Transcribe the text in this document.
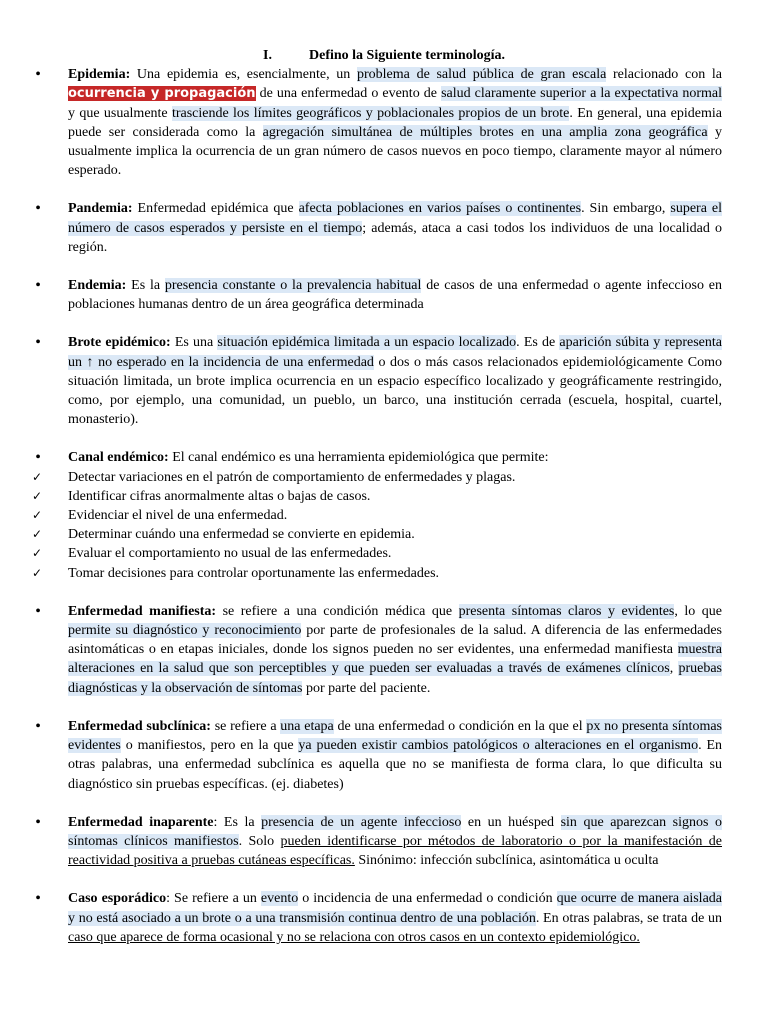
I.	Defino la Siguiente terminología.
• Epidemia: Una epidemia es, esencialmente, un problema de salud pública de gran escala relacionado con la ocurrencia y propagación de una enfermedad o evento de salud claramente superior a la expectativa normal y que usualmente trasciende los límites geográficos y poblacionales propios de un brote. En general, una epidemia puede ser considerada como la agregación simultánea de múltiples brotes en una amplia zona geográfica y usualmente implica la ocurrencia de un gran número de casos nuevos en poco tiempo, claramente mayor al número esperado.
• Pandemia: Enfermedad epidémica que afecta poblaciones en varios países o continentes. Sin embargo, supera el número de casos esperados y persiste en el tiempo; además, ataca a casi todos los individuos de una localidad o región.
• Endemia: Es la presencia constante o la prevalencia habitual de casos de una enfermedad o agente infeccioso en poblaciones humanas dentro de un área geográfica determinada
• Brote epidémico: Es una situación epidémica limitada a un espacio localizado. Es de aparición súbita y representa un ↑ no esperado en la incidencia de una enfermedad o dos o más casos relacionados epidemiológicamente Como situación limitada, un brote implica ocurrencia en un espacio específico localizado y geográficamente restringido, como, por ejemplo, una comunidad, un pueblo, un barco, una institución cerrada (escuela, hospital, cuartel, monasterio).
• Canal endémico: El canal endémico es una herramienta epidemiológica que permite:
✓ Detectar variaciones en el patrón de comportamiento de enfermedades y plagas.
✓ Identificar cifras anormalmente altas o bajas de casos.
✓ Evidenciar el nivel de una enfermedad.
✓ Determinar cuándo una enfermedad se convierte en epidemia.
✓ Evaluar el comportamiento no usual de las enfermedades.
✓ Tomar decisiones para controlar oportunamente las enfermedades.
• Enfermedad manifiesta: se refiere a una condición médica que presenta síntomas claros y evidentes, lo que permite su diagnóstico y reconocimiento por parte de profesionales de la salud. A diferencia de las enfermedades asintomáticas o en etapas iniciales, donde los signos pueden no ser evidentes, una enfermedad manifiesta muestra alteraciones en la salud que son perceptibles y que pueden ser evaluadas a través de exámenes clínicos, pruebas diagnósticas y la observación de síntomas por parte del paciente.
• Enfermedad subclínica: se refiere a una etapa de una enfermedad o condición en la que el px no presenta síntomas evidentes o manifiestos, pero en la que ya pueden existir cambios patológicos o alteraciones en el organismo. En otras palabras, una enfermedad subclínica es aquella que no se manifiesta de forma clara, lo que dificulta su diagnóstico sin pruebas específicas. (ej. diabetes)
• Enfermedad inaparente: Es la presencia de un agente infeccioso en un huésped sin que aparezcan signos o síntomas clínicos manifiestos. Solo pueden identificarse por métodos de laboratorio o por la manifestación de reactividad positiva a pruebas cutáneas específicas. Sinónimo: infección subclínica, asintomática u oculta
• Caso esporádico: Se refiere a un evento o incidencia de una enfermedad o condición que ocurre de manera aislada y no está asociado a un brote o a una transmisión continua dentro de una población. En otras palabras, se trata de un caso que aparece de forma ocasional y no se relaciona con otros casos en un contexto epidemiológico.
